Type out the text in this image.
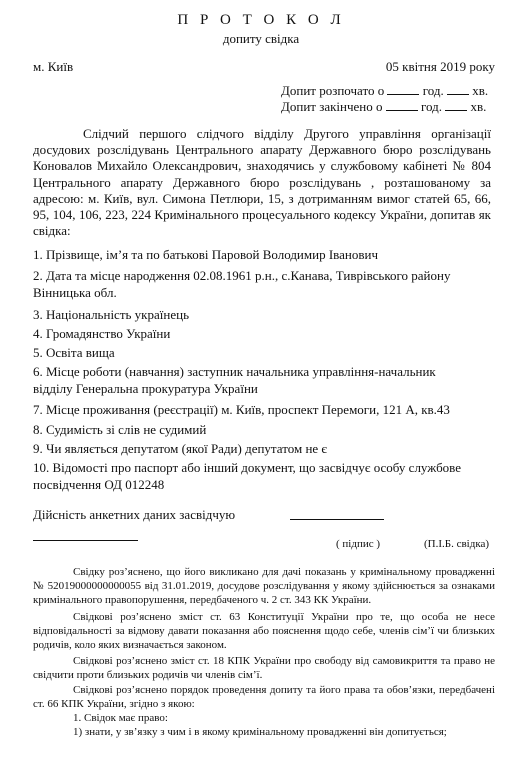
П Р О Т О К О Л
допиту свідка
м. Київ	05 квітня 2019 року
Допит розпочато о	год. хв.
Допит закінчено о	год. хв.

Слідчий першого слідчого відділу Другого управління організації досудових розслідувань Центрального апарату Державного бюро розслідувань Коновалов Михайло Олександрович, знаходячись у службовому кабінеті № 804 Центрального апарату Державного бюро розслідувань , розташованому за адресою: м. Київ, вул. Симона Петлюри, 15, з дотриманням вимог статей 65, 66, 95, 104, 106, 223, 224 Кримінального процесуального кодексу України, допитав як свідка:

1. Прізвище, ім’я та по батькові Паровой Володимир Іванович
2. Дата та місце народження 02.08.1961 р.н., с.Канава, Тиврівського району
Вінницька обл.
3. Національність українець
4. Громадянство України
5. Освіта вища
6. Місце роботи (навчання) заступник начальника управління-начальник
відділу Генеральна прокуратура України
7. Місце проживання (реєстрації) м. Київ, проспект Перемоги, 121 А, кв.43
8. Судимість зі слів не судимий
9. Чи являється депутатом (якої Ради) депутатом не є
10. Відомості про паспорт або інший документ, що засвідчує особу службове
посвідчення ОД 012248
Дійсність анкетних даних засвідчую
( підпис )	(П.І.Б. свідка)

Свідку роз’яснено, що його викликано для дачі показань у кримінальному провадженні № 52019000000000055 від 31.01.2019, досудове розслідування у якому здійснюється за ознаками кримінального правопорушення, передбаченого ч. 2 ст. 343 КК України.

Свідкові роз’яснено зміст ст. 63 Конституції України про те, що особа не несе відповідальності за відмову давати показання або пояснення щодо себе, членів сім’ї чи близьких родичів, коло яких визначається законом.

Свідкові роз’яснено зміст ст. 18 КПК України про свободу від самовикриття та право не свідчити проти близьких родичів чи членів сім’ї.

Свідкові роз’яснено порядок проведення допиту та його права та обов’язки, передбачені ст. 66 КПК України, згідно з якою:

1. Свідок має право:

1) знати, у зв’язку з чим і в якому кримінальному провадженні він допитується;
